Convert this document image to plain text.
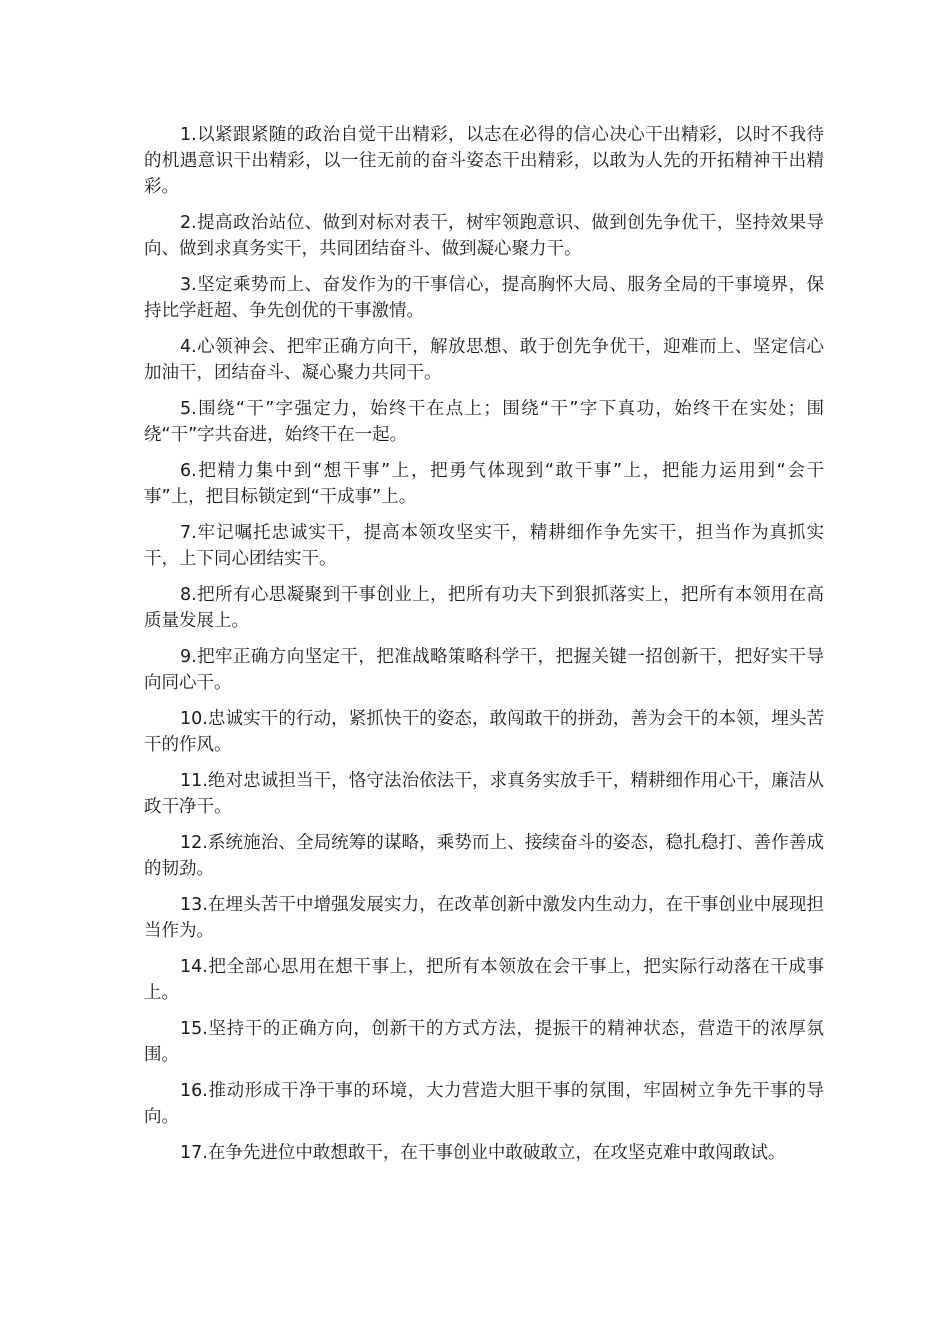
1.以紧跟紧随的政治自觉干出精彩，以志在必得的信心决心干出精彩，以时不我待的机遇意识干出精彩，以一往无前的奋斗姿态干出精彩，以敢为人先的开拓精神干出精彩。

2.提高政治站位、做到对标对表干，树牢领跑意识、做到创先争优干，坚持效果导向、做到求真务实干，共同团结奋斗、做到凝心聚力干。

3.坚定乘势而上、奋发作为的干事信心，提高胸怀大局、服务全局的干事境界，保持比学赶超、争先创优的干事激情。

4.心领神会、把牢正确方向干，解放思想、敢于创先争优干，迎难而上、坚定信心加油干，团结奋斗、凝心聚力共同干。

5.围绕“干”字强定力，始终干在点上；围绕“干”字下真功，始终干在实处；围绕“干”字共奋进，始终干在一起。

6.把精力集中到“想干事”上，把勇气体现到“敢干事”上，把能力运用到“会干事”上，把目标锁定到“干成事”上。

7.牢记嘱托忠诚实干，提高本领攻坚实干，精耕细作争先实干，担当作为真抓实干，上下同心团结实干。

8.把所有心思凝聚到干事创业上，把所有功夫下到狠抓落实上，把所有本领用在高质量发展上。

9.把牢正确方向坚定干，把准战略策略科学干，把握关键一招创新干，把好实干导向同心干。

10.忠诚实干的行动，紧抓快干的姿态，敢闯敢干的拼劲，善为会干的本领，埋头苦干的作风。

11.绝对忠诚担当干，恪守法治依法干，求真务实放手干，精耕细作用心干，廉洁从政干净干。

12.系统施治、全局统筹的谋略，乘势而上、接续奋斗的姿态，稳扎稳打、善作善成的韧劲。

13.在埋头苦干中增强发展实力，在改革创新中激发内生动力，在干事创业中展现担当作为。

14.把全部心思用在想干事上，把所有本领放在会干事上，把实际行动落在干成事上。

15.坚持干的正确方向，创新干的方式方法，提振干的精神状态，营造干的浓厚氛围。

16.推动形成干净干事的环境，大力营造大胆干事的氛围，牢固树立争先干事的导向。

17.在争先进位中敢想敢干，在干事创业中敢破敢立，在攻坚克难中敢闯敢试。
